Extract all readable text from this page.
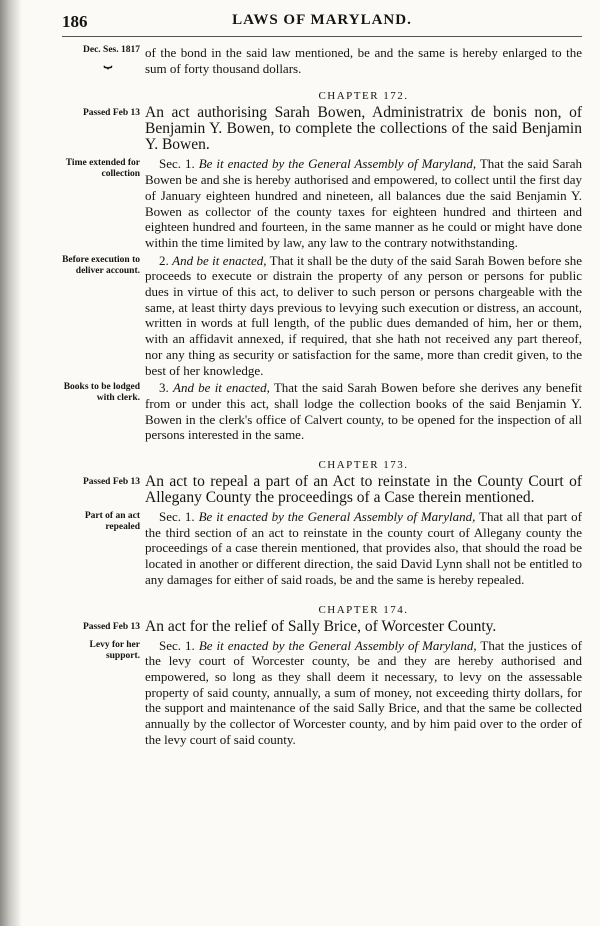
186	LAWS OF MARYLAND.
Dec. Ses. 1817
⏟
of the bond in the said law mentioned, be and the same is hereby enlarged to the sum of forty thousand dollars.
CHAPTER 172.
Passed Feb 13 An act authorising Sarah Bowen, Administratrix de bonis non, of Benjamin Y. Bowen, to complete the collections of the said Benjamin Y. Bowen.
Time extended for collection
Sec. 1. Be it enacted by the General Assembly of Maryland, That the said Sarah Bowen be and she is hereby authorised and empowered, to collect until the first day of January eighteen hundred and nineteen, all balances due the said Benjamin Y. Bowen as collector of the county taxes for eighteen hundred and thirteen and eighteen hundred and fourteen, in the same manner as he could or might have done within the time limited by law, any law to the contrary notwithstanding.
Before execution to deliver account.
2. And be it enacted, That it shall be the duty of the said Sarah Bowen before she proceeds to execute or distrain the property of any person or persons for public dues in virtue of this act, to deliver to such person or persons chargeable with the same, at least thirty days previous to levying such execution or distress, an account, written in words at full length, of the public dues demanded of him, her or them, with an affidavit annexed, if required, that she hath not received any part thereof, nor any thing as security or satisfaction for the same, more than credit given, to the best of her knowledge.
Books to be lodged with clerk.
3. And be it enacted, That the said Sarah Bowen before she derives any benefit from or under this act, shall lodge the collection books of the said Benjamin Y. Bowen in the clerk's office of Calvert county, to be opened for the inspection of all persons interested in the same.
CHAPTER 173.
Passed Feb 13 An act to repeal a part of an Act to reinstate in the County Court of Allegany County the proceedings of a Case therein mentioned.
Part of an act repealed
Sec. 1. Be it enacted by the General Assembly of Maryland, That all that part of the third section of an act to reinstate in the county court of Allegany county the proceedings of a case therein mentioned, that provides also, that should the road be located in another or different direction, the said David Lynn shall not be entitled to any damages for either of said roads, be and the same is hereby repealed.
CHAPTER 174.
Passed Feb 13 An act for the relief of Sally Brice, of Worcester County.
Levy for her support.
Sec. 1. Be it enacted by the General Assembly of Maryland, That the justices of the levy court of Worcester county, be and they are hereby authorised and empowered, so long as they shall deem it necessary, to levy on the assessable property of said county, annually, a sum of money, not exceeding thirty dollars, for the support and maintenance of the said Sally Brice, and that the same be collected annually by the collector of Worcester county, and by him paid over to the order of the levy court of said county.
